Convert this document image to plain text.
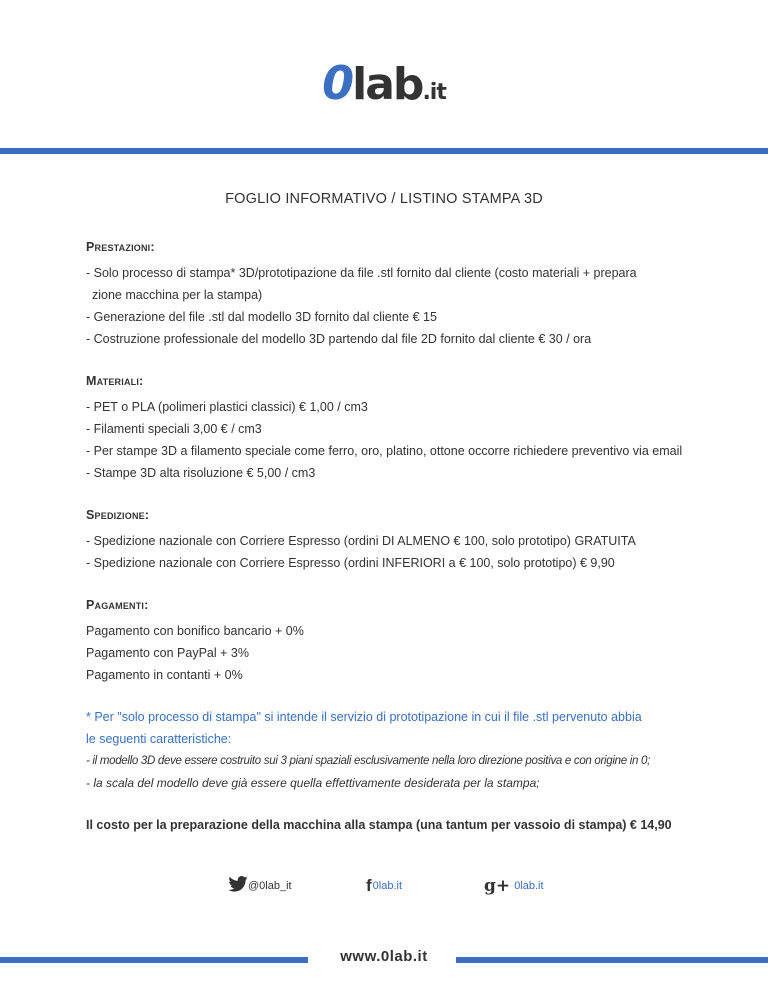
0lab.it
FOGLIO INFORMATIVO / LISTINO STAMPA 3D
Prestazioni:
- Solo processo di stampa* 3D/prototipazione da file .stl fornito dal cliente (costo materiali + prepara
zione macchina per la stampa)
- Generazione del file .stl dal modello 3D fornito dal cliente € 15
- Costruzione professionale del modello 3D partendo dal file 2D fornito dal cliente € 30 / ora
Materiali:
- PET o PLA (polimeri plastici classici) € 1,00 / cm3
- Filamenti speciali 3,00 € / cm3
- Per stampe 3D a filamento speciale come ferro, oro, platino, ottone occorre richiedere preventivo via email
- Stampe 3D alta risoluzione € 5,00 / cm3
Spedizione:
- Spedizione nazionale con Corriere Espresso (ordini DI ALMENO € 100, solo prototipo) GRATUITA
- Spedizione nazionale con Corriere Espresso (ordini INFERIORI a € 100, solo prototipo) € 9,90
Pagamenti:
Pagamento con bonifico bancario + 0%
Pagamento con PayPal + 3%
Pagamento in contanti + 0%
* Per "solo processo di stampa" si intende il servizio di prototipazione in cui il file .stl pervenuto abbia
le seguenti caratteristiche:
- il modello 3D deve essere costruito sui 3 piani spaziali esclusivamente nella loro direzione positiva e con origine in 0;
- la scala del modello deve già essere quella effettivamente desiderata per la stampa;
Il costo per la preparazione della macchina alla stampa (una tantum per vassoio di stampa) € 14,90
@0lab_it	f0lab.it	g+ 0lab.it
www.0lab.it
